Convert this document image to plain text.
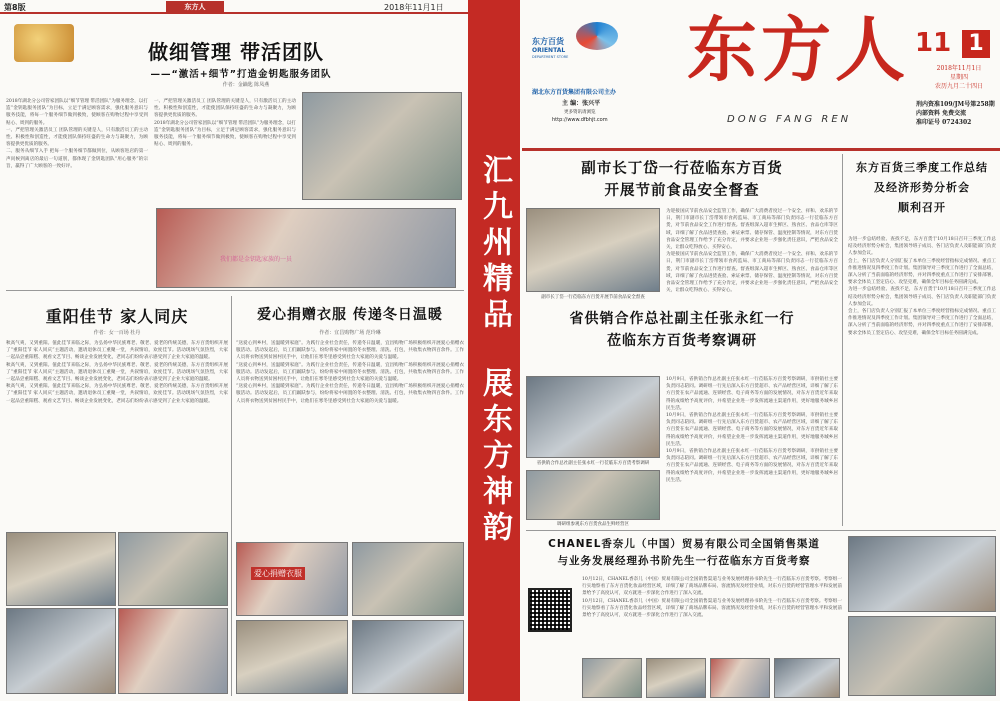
第8版	东方人	2018年11月1日
做细管理 带活团队
——“激活+细节”打造金钥匙服务团队
作者：金鑰匙 陈凤燕

2018年湖北分公司管家团队以“细节管理 带活团队”为服务理念，以打造“金钥匙服务团队”为目标，立足于满足顾客需求，强化服务意识与服务技能，将每一个服务细节做到极致，使顾客在购物过程中享受到贴心、周到的服务。

一、严把管理关激活员工 团队管理的关键是人，只有激活员工的主动性、积极性和创造性，才能使团队保持旺盛的生命力与凝聚力，为顾客提供更优质的服务。

二、服务从细节入手 把每一个服务细节都做到位，从顾客进店的第一声问候到离店的最后一句道别，都体现了金钥匙团队“用心服务”的宗旨，赢得了广大顾客的一致好评。

一、严把管理关激活员工 团队管理的关键是人，只有激活员工的主动性、积极性和创造性，才能使团队保持旺盛的生命力与凝聚力，为顾客提供更优质的服务。

2018年湖北分公司管家团队以“细节管理 带活团队”为服务理念，以打造“金钥匙服务团队”为目标，立足于满足顾客需求，强化服务意识与服务技能，将每一个服务细节做到极致，使顾客在购物过程中享受到贴心、周到的服务。

我们都是金钥匙家族的一员
重阳佳节 家人同庆
作者：女一百场 杜丹

秋高气爽，又到重阳。值此佳节来临之际，为弘扬中华民族尊老、敬老、爱老的传统美德，东方百货组织开展了“重阳佳节 家人同庆”主题活动，邀请退休员工重聚一堂，共叙情谊，欢度佳节。活动现场气氛热烈，大家一起品尝重阳糕、观看文艺节目、畅谈企业发展变化，老同志们纷纷表示感受到了企业大家庭的温暖。

秋高气爽，又到重阳。值此佳节来临之际，为弘扬中华民族尊老、敬老、爱老的传统美德，东方百货组织开展了“重阳佳节 家人同庆”主题活动，邀请退休员工重聚一堂，共叙情谊，欢度佳节。活动现场气氛热烈，大家一起品尝重阳糕、观看文艺节目、畅谈企业发展变化，老同志们纷纷表示感受到了企业大家庭的温暖。

秋高气爽，又到重阳。值此佳节来临之际，为弘扬中华民族尊老、敬老、爱老的传统美德，东方百货组织开展了“重阳佳节 家人同庆”主题活动，邀请退休员工重聚一堂，共叙情谊，欢度佳节。活动现场气氛热烈，大家一起品尝重阳糕、观看文艺节目、畅谈企业发展变化，老同志们纷纷表示感受到了企业大家庭的温暖。

爱心捐赠衣服 传递冬日温暖
作者：宜昌购物广场 范玲琳

“送爱心到乡村，送温暖到家庭”。为践行企业社会责任，传递冬日温暖，宜昌购物广场积极组织开展爱心捐赠衣服活动。活动发起后，员工们踊跃参与，纷纷将家中闲置的冬衣整理、清洗、打包，共收集衣物四百余件。工作人员将衣物送到贫困村民手中，让他们在寒冬里感受到社会大家庭的关爱与温暖。

“送爱心到乡村，送温暖到家庭”。为践行企业社会责任，传递冬日温暖，宜昌购物广场积极组织开展爱心捐赠衣服活动。活动发起后，员工们踊跃参与，纷纷将家中闲置的冬衣整理、清洗、打包，共收集衣物四百余件。工作人员将衣物送到贫困村民手中，让他们在寒冬里感受到社会大家庭的关爱与温暖。

“送爱心到乡村，送温暖到家庭”。为践行企业社会责任，传递冬日温暖，宜昌购物广场积极组织开展爱心捐赠衣服活动。活动发起后，员工们踊跃参与，纷纷将家中闲置的冬衣整理、清洗、打包，共收集衣物四百余件。工作人员将衣物送到贫困村民手中，让他们在寒冬里感受到社会大家庭的关爱与温暖。

爱心捐赠衣服
汇九州精品  展东方神韵
东方百货
ORIENTAL
DEPARTMENT STORE
湖北东方百货集团有限公司主办
主 编：张兴平
更多资讯请浏览
http://www.dfbhjt.com
东方人
DONG FANG REN
11 1
2018年11月1日
星期四
农历九月二十四日
刑内资准109/JM号第258期
内部资料 免费交流
准印证号 0724302
副市长丁岱一行莅临东方百货
开展节前食品安全督查
副市长丁岱一行莅临东方百货开展节前食品安全督查

为迎接国庆节前食品安全监管工作，确保广大消费者度过一个安全、祥和、欢乐的节日，荆门市副市长丁岱带领市食药监局、市工商局等部门负责同志一行莅临东方百货，对节前食品安全工作进行督查。督查组深入超市生鲜区、熟食区、食品仓库等区域，详细了解了食品进货查验、索证索票、储存保管、温度控制等情况，对东方百货食品安全管理工作给予了充分肯定，并要求企业进一步强化责任意识，严把食品安全关，让群众吃得放心、买得安心。

为迎接国庆节前食品安全监管工作，确保广大消费者度过一个安全、祥和、欢乐的节日，荆门市副市长丁岱带领市食药监局、市工商局等部门负责同志一行莅临东方百货，对节前食品安全工作进行督查。督查组深入超市生鲜区、熟食区、食品仓库等区域，详细了解了食品进货查验、索证索票、储存保管、温度控制等情况，对东方百货食品安全管理工作给予了充分肯定，并要求企业进一步强化责任意识，严把食品安全关，让群众吃得放心、买得安心。

省供销合作总社副主任张永红一行
莅临东方百货考察调研
省供销合作总社副主任张永红一行莅临东方百货考察调研
调研组参观东方百货食品生鲜经营区

10月9日，省供销合作总社副主任张永红一行莅临东方百货考察调研，市供销社主要负责同志陪同。调研组一行先后深入东方百货超市、农产品经营区域，详细了解了东方百货在农产品流通、连锁经营、电子商务等方面的发展情况，对东方百货近年来取得的成绩给予高度评价，并希望企业进一步发挥流通主渠道作用，更好地服务城乡居民生活。

10月9日，省供销合作总社副主任张永红一行莅临东方百货考察调研，市供销社主要负责同志陪同。调研组一行先后深入东方百货超市、农产品经营区域，详细了解了东方百货在农产品流通、连锁经营、电子商务等方面的发展情况，对东方百货近年来取得的成绩给予高度评价，并希望企业进一步发挥流通主渠道作用，更好地服务城乡居民生活。

10月9日，省供销合作总社副主任张永红一行莅临东方百货考察调研，市供销社主要负责同志陪同。调研组一行先后深入东方百货超市、农产品经营区域，详细了解了东方百货在农产品流通、连锁经营、电子商务等方面的发展情况，对东方百货近年来取得的成绩给予高度评价，并希望企业进一步发挥流通主渠道作用，更好地服务城乡居民生活。

东方百货三季度工作总结
及经济形势分析会
顺利召开

为进一步总结经验、查找不足，东方百货于10月18日召开三季度工作总结及经济形势分析会，集团领导班子成员、各门店负责人及职能部门负责人参加会议。

会上，各门店负责人分别汇报了本单位三季度经营指标完成情况、重点工作推进情况及四季度工作计划。集团领导对三季度工作进行了全面总结，深入分析了当前面临的经济形势，并对四季度重点工作进行了安排部署，要求全体员工坚定信心、攻坚克难，确保全年目标任务圆满完成。

为进一步总结经验、查找不足，东方百货于10月18日召开三季度工作总结及经济形势分析会，集团领导班子成员、各门店负责人及职能部门负责人参加会议。

会上，各门店负责人分别汇报了本单位三季度经营指标完成情况、重点工作推进情况及四季度工作计划。集团领导对三季度工作进行了全面总结，深入分析了当前面临的经济形势，并对四季度重点工作进行了安排部署，要求全体员工坚定信心、攻坚克难，确保全年目标任务圆满完成。

CHANEL香奈儿（中国）贸易有限公司全国销售渠道
与业务发展经理孙书阶先生一行莅临东方百货考察

10月12日，CHANEL香奈儿（中国）贸易有限公司全国销售渠道与业务发展经理孙书阶先生一行莅临东方百货考察。考察组一行实地察看了东方百货化妆品经营区域，详细了解了商场品牌布局、客流情况及经营业绩，对东方百货的经营管理水平和发展前景给予了高度认可，双方就进一步深化合作进行了深入交流。

10月12日，CHANEL香奈儿（中国）贸易有限公司全国销售渠道与业务发展经理孙书阶先生一行莅临东方百货考察。考察组一行实地察看了东方百货化妆品经营区域，详细了解了商场品牌布局、客流情况及经营业绩，对东方百货的经营管理水平和发展前景给予了高度认可，双方就进一步深化合作进行了深入交流。
